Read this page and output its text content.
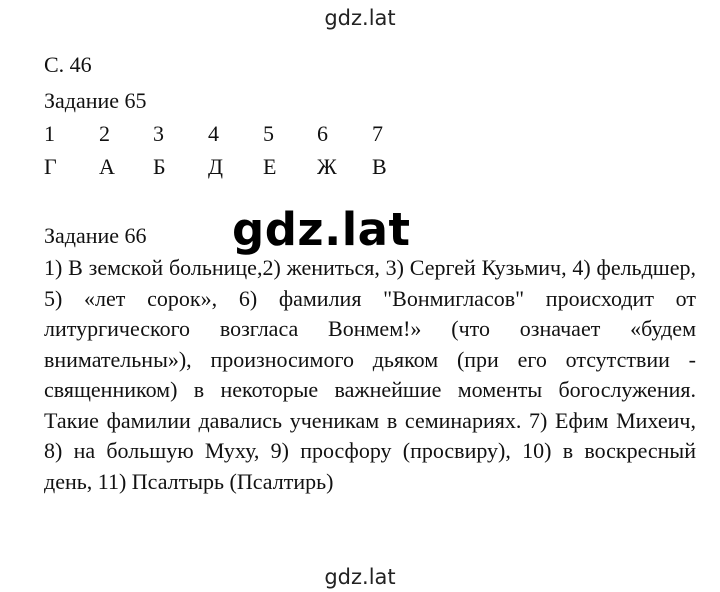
gdz.lat
С. 46
Задание 65
1	2	3	4	5	6	7
Г	А	Б	Д	Е	Ж	В
Задание 66 gdz.lat
1) В земской больнице,2) жениться, 3) Сергей Кузьмич, 4) фельдшер, 5) «лет сорок», 6) фамилия "Вонмигласов" происходит от литургического возгласа Вонмем!» (что означает «будем внимательны»), произносимого дьяком (при его отсутствии - священником) в некоторые важнейшие моменты богослужения. Такие фамилии давались ученикам в семинариях. 7) Ефим Михеич, 8) на большую Муху, 9) просфору (просвиру), 10) в воскресный день, 11) Псалтырь (Псалтирь)
gdz.lat
